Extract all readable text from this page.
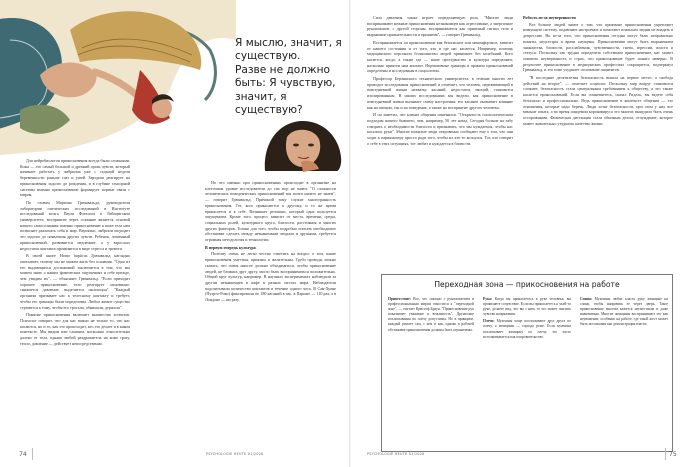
Я мыслю, значит, я
существую.
Разве не должно
быть: Я чувствую,
значит, я существую?

Для нейробиологов прикосновения всегда были сложными. Кожа — это самый большой и древний орган чувств, который начинает работать у эмбриона уже с седьмой недели беременности раньше глаз и ушей. Зародыш реагирует на прикосновения задолго до рождения, и в глубине сенсорной системы именно прикосновение формирует первые связи с миром.

По словам Мартина Грюнвальда, руководителя лаборатории гаптических исследований в Институте исследований мозга Пауля Флехсига в Лейпцигском университете, восприятие через осязание является основой нашего самосознания: именно прикосновение к коже тела нам позволяет различать себя и мир. Вероятно, эмбрион ощущает это задолго до появления других чувств. Ребенок, лишенный прикосновений, развивается медленнее, а у взрослых недостаток контакта проявляется в виде стресса и тревоги.

В своей книге Homo hapticus Грюнвальд наглядно описывает, почему мы не можем жить без осязания. "Одно из его выдающихся достижений заключается в том, что мы можем знать о наших физических ощущениях и себе прежде, чем увидим их", — объясняет Грюнвальд. "Если приходит хорошее прикосновение, тело реагирует мгновенно: снижается давление, выделяется окситоцин". "Каждый организм призывает нас к телесному контакту и требует, чтобы его границы были определены. Любое живое существо стремится к тому, чтобы его трогали, обнимали, держали".

Понятие прикосновения включает множество аспектов. Психолог говорит, что для нас важно не только то, что нас касаются, но и то, как это происходит, кто это делает и в каком контексте. Мы видим или слышим, насколько относительно далеко от тела, однако любой раздражитель на коже сразу, тепло, давление — действует непосредственно.

Но что именно при прикосновениях происходит в организме на клеточном уровне исследователи до сих пор не знают. "О сложности человеческих поведенческих прикосновений мы почти ничего не знаем", — говорит Грюнвальд. Причиной тому служит многогранность прикосновения. Тот, кого прикасаются к другому, и то же время прикасается и к себе. Возникает резонанс, который одна пользуется ощущением. Кроме того, процесс зависит от места, времени, среды, социальных ролей, культурного круга, близости, расстояния и многих других факторов. Только для того, чтобы подробно описать необходимое обстановке сделать между незнакомыми людьми и друзьями, требуется огромная методология и технологии.

В первую очередь культура

Поэтому очень не легко честно ответить на вопрос о том, какие прикосновения уместны, приятны и желательны. Грубо проводя, можно сказать, что очень многое должно объединяться, чтобы прикосновение людей, не близких друг другу, могло быть восприниматься положительно. Общий круг культур, например. В научных экспериментах наблюдали за другом незнакомцев в кафе в разных местах мира. Наблюдатели подсчитывали количество контактов в течение одного часа. В Сан-Хуане (Пуэрто-Рико) фиксировали по 180 касаний в час, в Париже — 110 раз, а в Лондоне — ни разу.

Сила давления также играет определяющую роль. "Многие люди воспринимают нежные прикосновения незнакомцев как агрессивные, а энергичное рукопожатие, с другой стороны, воспринимается как приятный сигнал тела и выражение признательности и принятия", — говорит Грюнвальд.

Воспринимается ли прикосновение как безопасное или некомфортное, зависит от нашего состояния и от того, кто и где нас касается. Например, помощь медицинского персонала большинство людей принимает без колебаний. Кого касается, когда, а также где — наше пространство и культура определяют, насколько приятен нам контакт. Нормативные границы и правила прикосновений определены и исследованы в социологии.

Профессор Берлинского технического университета, в течение многих лет проводит исследования прикосновений и отмечает, что человек, переживающий в повседневной жизни нехватку касаний, недостаток эмоций, становится изолированным. В наших исследованиях мы видели, как прикосновение в повседневной жизни вызывает смену настроения: его касание оказывает влияние как на эмоции, так и на поведение, а также на восприятие другого человека.

И он заметил, что климат общения изменился. "Открытость психологическим подходам нашего бывшего, чем, например, 50 лет назад. Сегодня больше на табу говорить о необходимости близости и признавать, что мы нуждаемся, чтобы нас касались руки". Многие пожилые люди откровенно сообщают ему о том, что они ходят к парикмахеру просто ради того, чтобы их кто-то коснулся. Тот, кто говорит о себе в этих ситуациях, тот любит и нуждается в близости.

Робость из-за неуверенности

Все больше людей знают о том, что приятные прикосновения укрепляют иммунную систему, подавляют настроение и помогают пожилым людям не впадать в депрессию. Но из-за того, что прикосновения сегодня могут быть неправильно поняты, медсестры и врачи смущены. Прикосновения могут быть выражением знакомства, близости, расслабления, чувственности, гнева, агрессии, власти и статуса. Поскольку так трудно определить собственно прикосновение, нас может охватить неуверенность и страх, что прикосновение будет понято неверно. В результате прикосновение в медицинских профессиях сокращается, подчеркнул Грюнвальд, и это тоже ухудшает положение пациентов.

"В последние десятилетия безопасность вышла на первое место, а свобода действий на второе", — отмечает социолог. Поскольку мир вокруг становится сложнее, безопасность стала центральным требованием к обществу, а это также касается прикосновений. Если вы сомневаетесь, сказал Ридель, вы ведете себя безопасно и профессионально. Ведь прикосновение в контексте общения — это отношения, которые надо беречь. Люди хотят безопасности, при этом у них все меньше опыта, а во время пандемии коронавируса это многих вынудило быть очень осторожными. Физическая дистанция стала обычным делом, отчуждение, которое может значительно ухудшить качество жизни.

Переходная зона — прикосновения на работе

Приветствие: Все, что связано с рукопожатием и профессиональным миром относится к "переходной зоне", — считает Кристоф Браун. "Прикосновение рук показывает уважение и вежливость". Дружеские похлопывания по плечу допустимы. Но в принципе, каждый решает сам, с кем и как, однако в рабочей обстановке прикосновения должны быть ограничены.

Рука: Когда вы прикасаетесь к руке человека, вы проявляете сочувствие. Если вы прикасаетесь к чьей-то руке, делаете вид, что вы с ним, то это может снизить чувство напряжения.

Плечо: Мужчины чаще похлопывают друг друга по плечу, а женщины — гораздо реже. Если мужчина похлопывает женщину по плечу, это часто истолковывается как покровительство.

Спина: Мужчины любят класть руку женщине на спину, чтобы направить ее через дверь. Такое прикосновение многим кажется неуместным и даже навязчивым. Многие женщины воспринимают это как неуважение, особенно на работе, где такой жест может быть истолкован как демонстрация власти.

74	PSYCHOLOGIE HEUTE 01/2020	PSYCHOLOGIE HEUTE 01/2020	75
